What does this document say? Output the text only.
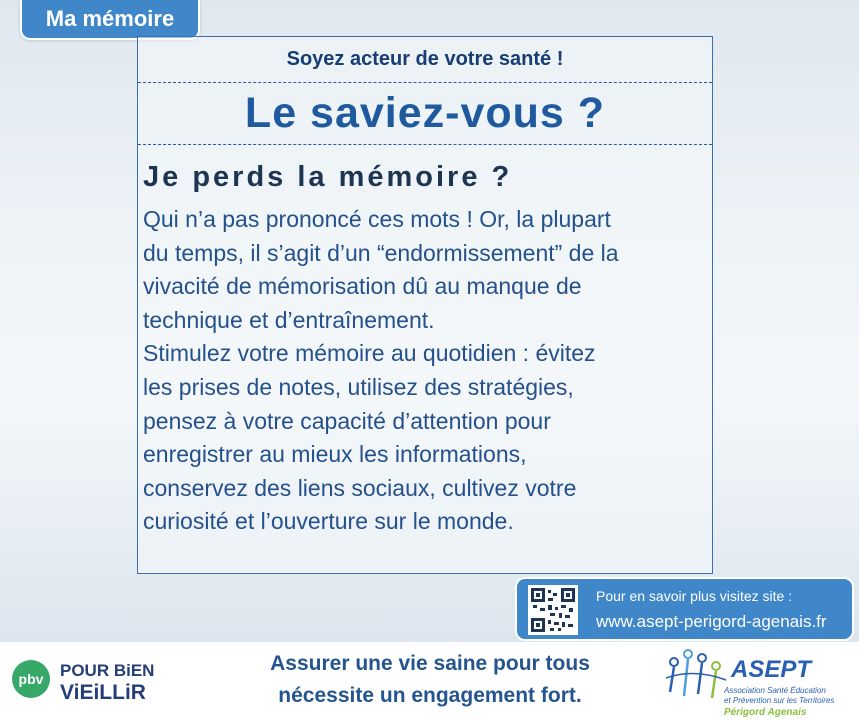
Ma mémoire
Soyez acteur de votre santé !
Le saviez-vous ?
Je perds la mémoire ?
Qui n’a pas prononcé ces mots ! Or, la plupart
du temps, il s’agit d’un “endormissement” de la
vivacité de mémorisation dû au manque de
technique et d’entraînement.
Stimulez votre mémoire au quotidien : évitez
les prises de notes, utilisez des stratégies,
pensez à votre capacité d’attention pour
enregistrer au mieux les informations,
conservez des liens sociaux, cultivez votre
curiosité et l’ouverture sur le monde.
Pour en savoir plus visitez site :
www.asept-perigord-agenais.fr
pbv POUR BiEN
ViEiLLiR
Assurer une vie saine pour tous
nécessite un engagement fort.
ASEPT
Association Santé Éducation
et Prévention sur les Territoires
Périgord Agenais
